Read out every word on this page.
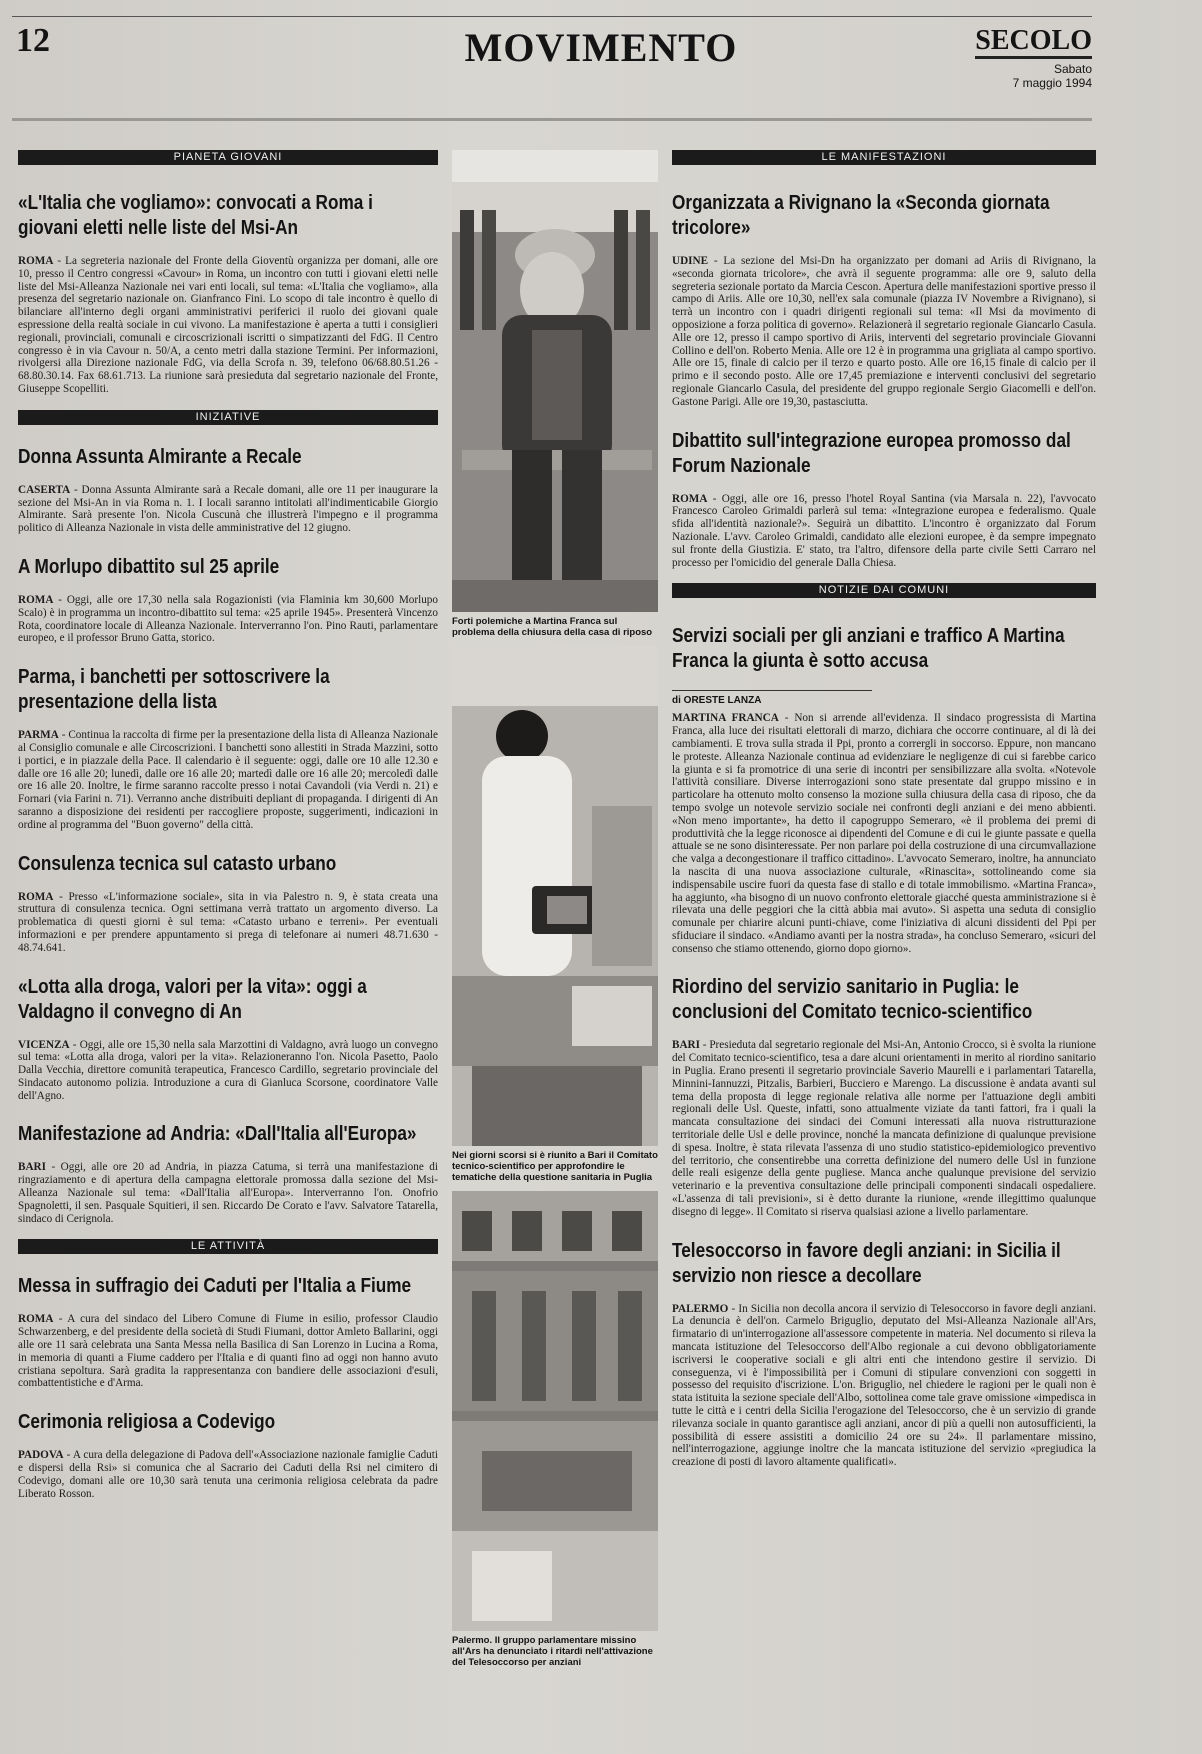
12	MOVIMENTO	SECOLO
Sabato
7 maggio 1994
PIANETA GIOVANI
«L'Italia che vogliamo»: convocati a Roma i giovani eletti nelle liste del Msi-An

ROMA - La segreteria nazionale del Fronte della Gioventù organizza per domani, alle ore 10, presso il Centro congressi «Cavour» in Roma, un incontro con tutti i giovani eletti nelle liste del Msi-Alleanza Nazionale nei vari enti locali, sul tema: «L'Italia che vogliamo», alla presenza del segretario nazionale on. Gianfranco Fini. Lo scopo di tale incontro è quello di bilanciare all'interno degli organi amministrativi periferici il ruolo dei giovani quale espressione della realtà sociale in cui vivono. La manifestazione è aperta a tutti i consiglieri regionali, provinciali, comunali e circoscrizionali iscritti o simpatizzanti del FdG. Il Centro congresso è in via Cavour n. 50/A, a cento metri dalla stazione Termini. Per informazioni, rivolgersi alla Direzione nazionale FdG, via della Scrofa n. 39, telefono 06/68.80.51.26 - 68.80.30.14. Fax 68.61.713. La riunione sarà presieduta dal segretario nazionale del Fronte, Giuseppe Scopelliti.

INIZIATIVE
Donna Assunta Almirante a Recale

CASERTA - Donna Assunta Almirante sarà a Recale domani, alle ore 11 per inaugurare la sezione del Msi-An in via Roma n. 1. I locali saranno intitolati all'indimenticabile Giorgio Almirante. Sarà presente l'on. Nicola Cuscunà che illustrerà l'impegno e il programma politico di Alleanza Nazionale in vista delle amministrative del 12 giugno.

A Morlupo dibattito sul 25 aprile

ROMA - Oggi, alle ore 17,30 nella sala Rogazionisti (via Flaminia km 30,600 Morlupo Scalo) è in programma un incontro-dibattito sul tema: «25 aprile 1945». Presenterà Vincenzo Rota, coordinatore locale di Alleanza Nazionale. Interverranno l'on. Pino Rauti, parlamentare europeo, e il professor Bruno Gatta, storico.

Parma, i banchetti per sottoscrivere la presentazione della lista

PARMA - Continua la raccolta di firme per la presentazione della lista di Alleanza Nazionale al Consiglio comunale e alle Circoscrizioni. I banchetti sono allestiti in Strada Mazzini, sotto i portici, e in piazzale della Pace. Il calendario è il seguente: oggi, dalle ore 10 alle 12.30 e dalle ore 16 alle 20; lunedì, dalle ore 16 alle 20; martedì dalle ore 16 alle 20; mercoledì dalle ore 16 alle 20. Inoltre, le firme saranno raccolte presso i notai Cavandoli (via Verdi n. 21) e Fornari (via Farini n. 71). Verranno anche distribuiti depliant di propaganda. I dirigenti di An saranno a disposizione dei residenti per raccogliere proposte, suggerimenti, indicazioni in ordine al programma del "Buon governo" della città.

Consulenza tecnica sul catasto urbano

ROMA - Presso «L'informazione sociale», sita in via Palestro n. 9, è stata creata una struttura di consulenza tecnica. Ogni settimana verrà trattato un argomento diverso. La problematica di questi giorni è sul tema: «Catasto urbano e terreni». Per eventuali informazioni e per prendere appuntamento si prega di telefonare ai numeri 48.71.630 - 48.74.641.

«Lotta alla droga, valori per la vita»: oggi a Valdagno il convegno di An

VICENZA - Oggi, alle ore 15,30 nella sala Marzottini di Valdagno, avrà luogo un convegno sul tema: «Lotta alla droga, valori per la vita». Relazioneranno l'on. Nicola Pasetto, Paolo Dalla Vecchia, direttore comunità terapeutica, Francesco Cardillo, segretario provinciale del Sindacato autonomo polizia. Introduzione a cura di Gianluca Scorsone, coordinatore Valle dell'Agno.

Manifestazione ad Andria: «Dall'Italia all'Europa»

BARI - Oggi, alle ore 20 ad Andria, in piazza Catuma, si terrà una manifestazione di ringraziamento e di apertura della campagna elettorale promossa dalla sezione del Msi-Alleanza Nazionale sul tema: «Dall'Italia all'Europa». Interverranno l'on. Onofrio Spagnoletti, il sen. Pasquale Squitieri, il sen. Riccardo De Corato e l'avv. Salvatore Tatarella, sindaco di Cerignola.

LE ATTIVITÀ
Messa in suffragio dei Caduti per l'Italia a Fiume

ROMA - A cura del sindaco del Libero Comune di Fiume in esilio, professor Claudio Schwarzenberg, e del presidente della società di Studi Fiumani, dottor Amleto Ballarini, oggi alle ore 11 sarà celebrata una Santa Messa nella Basilica di San Lorenzo in Lucina a Roma, in memoria di quanti a Fiume caddero per l'Italia e di quanti fino ad oggi non hanno avuto cristiana sepoltura. Sarà gradita la rappresentanza con bandiere delle associazioni d'esuli, combattentistiche e d'Arma.

Cerimonia religiosa a Codevigo

PADOVA - A cura della delegazione di Padova dell'«Associazione nazionale famiglie Caduti e dispersi della Rsi» si comunica che al Sacrario dei Caduti della Rsi nel cimitero di Codevigo, domani alle ore 10,30 sarà tenuta una cerimonia religiosa celebrata da padre Liberato Rosson.

Forti polemiche a Martina Franca sul problema della chiusura della casa di riposo
Nei giorni scorsi si è riunito a Bari il Comitato tecnico-scientifico per approfondire le tematiche della questione sanitaria in Puglia
Palermo. Il gruppo parlamentare missino all'Ars ha denunciato i ritardi nell'attivazione del Telesoccorso per anziani
LE MANIFESTAZIONI
Organizzata a Rivignano la «Seconda giornata tricolore»

UDINE - La sezione del Msi-Dn ha organizzato per domani ad Ariis di Rivignano, la «seconda giornata tricolore», che avrà il seguente programma: alle ore 9, saluto della segreteria sezionale portato da Marcia Cescon. Apertura delle manifestazioni sportive presso il campo di Ariis. Alle ore 10,30, nell'ex sala comunale (piazza IV Novembre a Rivignano), si terrà un incontro con i quadri dirigenti regionali sul tema: «Il Msi da movimento di opposizione a forza politica di governo». Relazionerà il segretario regionale Giancarlo Casula. Alle ore 12, presso il campo sportivo di Ariis, interventi del segretario provinciale Giovanni Collino e dell'on. Roberto Menia. Alle ore 12 è in programma una grigliata al campo sportivo. Alle ore 15, finale di calcio per il terzo e quarto posto. Alle ore 16,15 finale di calcio per il primo e il secondo posto. Alle ore 17,45 premiazione e interventi conclusivi del segretario regionale Giancarlo Casula, del presidente del gruppo regionale Sergio Giacomelli e dell'on. Gastone Parigi. Alle ore 19,30, pastasciutta.

Dibattito sull'integrazione europea promosso dal Forum Nazionale

ROMA - Oggi, alle ore 16, presso l'hotel Royal Santina (via Marsala n. 22), l'avvocato Francesco Caroleo Grimaldi parlerà sul tema: «Integrazione europea e federalismo. Quale sfida all'identità nazionale?». Seguirà un dibattito. L'incontro è organizzato dal Forum Nazionale. L'avv. Caroleo Grimaldi, candidato alle elezioni europee, è da sempre impegnato sul fronte della Giustizia. E' stato, tra l'altro, difensore della parte civile Setti Carraro nel processo per l'omicidio del generale Dalla Chiesa.

NOTIZIE DAI COMUNI
Servizi sociali per gli anziani e traffico A Martina Franca la giunta è sotto accusa
di ORESTE LANZA

MARTINA FRANCA - Non si arrende all'evidenza. Il sindaco progressista di Martina Franca, alla luce dei risultati elettorali di marzo, dichiara che occorre continuare, al di là dei cambiamenti. E trova sulla strada il Ppi, pronto a correrglі in soccorso. Eppure, non mancano le proteste. Alleanza Nazionale continua ad evidenziare le negligenze di cui si farebbe carico la giunta e si fa promotrice di una serie di incontri per sensibilizzare alla svolta. «Notevole l'attività consiliare. Diverse interrogazioni sono state presentate dal gruppo missino e in particolare ha ottenuto molto consenso la mozione sulla chiusura della casa di riposo, che da tempo svolge un notevole servizio sociale nei confronti degli anziani e dei meno abbienti. «Non meno importante», ha detto il capogruppo Semeraro, «è il problema dei premi di produttività che la legge riconosce ai dipendenti del Comune e di cui le giunte passate e quella attuale se ne sono disinteressate. Per non parlare poi della costruzione di una circumvallazione che valga a decongestionare il traffico cittadino». L'avvocato Semeraro, inoltre, ha annunciato la nascita di una nuova associazione culturale, «Rinascita», sottolineando come sia indispensabile uscire fuori da questa fase di stallo e di totale immobilismo. «Martina Franca», ha aggiunto, «ha bisogno di un nuovo confronto elettorale giacché questa amministrazione si è rilevata una delle peggiori che la città abbia mai avuto». Si aspetta una seduta di consiglio comunale per chiarire alcuni punti-chiave, come l'iniziativa di alcuni dissidenti del Ppi per sfiduciare il sindaco. «Andiamo avanti per la nostra strada», ha concluso Semeraro, «sicuri del consenso che stiamo ottenendo, giorno dopo giorno».

Riordino del servizio sanitario in Puglia: le conclusioni del Comitato tecnico-scientifico

BARI - Presieduta dal segretario regionale del Msi-An, Antonio Crocco, si è svolta la riunione del Comitato tecnico-scientifico, tesa a dare alcuni orientamenti in merito al riordino sanitario in Puglia. Erano presenti il segretario provinciale Saverio Maurelli e i parlamentari Tatarella, Minnini-Iannuzzi, Pitzalis, Barbieri, Bucciero e Marengo. La discussione è andata avanti sul tema della proposta di legge regionale relativa alle norme per l'attuazione degli ambiti regionali delle Usl. Queste, infatti, sono attualmente viziate da tanti fattori, fra i quali la mancata consultazione dei sindaci dei Comuni interessati alla nuova ristrutturazione territoriale delle Usl e delle province, nonché la mancata definizione di qualunque previsione di spesa. Inoltre, è stata rilevata l'assenza di uno studio statistico-epidemiologico preventivo del territorio, che consentirebbe una corretta definizione del numero delle Usl in funzione delle reali esigenze della gente pugliese. Manca anche qualunque previsione del servizio veterinario e la preventiva consultazione delle principali componenti sindacali ospedaliere. «L'assenza di tali previsioni», si è detto durante la riunione, «rende illegittimo qualunque disegno di legge». Il Comitato si riserva qualsiasi azione a livello parlamentare.

Telesoccorso in favore degli anziani: in Sicilia il servizio non riesce a decollare

PALERMO - In Sicilia non decolla ancora il servizio di Telesoccorso in favore degli anziani. La denuncia è dell'on. Carmelo Briguglio, deputato del Msi-Alleanza Nazionale all'Ars, firmatario di un'interrogazione all'assessore competente in materia. Nel documento si rileva la mancata istituzione del Telesoccorso dell'Albo regionale a cui devono obbligatoriamente iscriversi le cooperative sociali e gli altri enti che intendono gestire il servizio. Di conseguenza, vi è l'impossibilità per i Comuni di stipulare convenzioni con soggetti in possesso del requisito d'iscrizione. L'on. Briguglio, nel chiedere le ragioni per le quali non è stata istituita la sezione speciale dell'Albo, sottolinea come tale grave omissione «impedisca in tutte le città e i centri della Sicilia l'erogazione del Telesoccorso, che è un servizio di grande rilevanza sociale in quanto garantisce agli anziani, ancor di più a quelli non autosufficienti, la possibilità di essere assistiti a domicilio 24 ore su 24». Il parlamentare missino, nell'interrogazione, aggiunge inoltre che la mancata istituzione del servizio «pregiudica la creazione di posti di lavoro altamente qualificati».
